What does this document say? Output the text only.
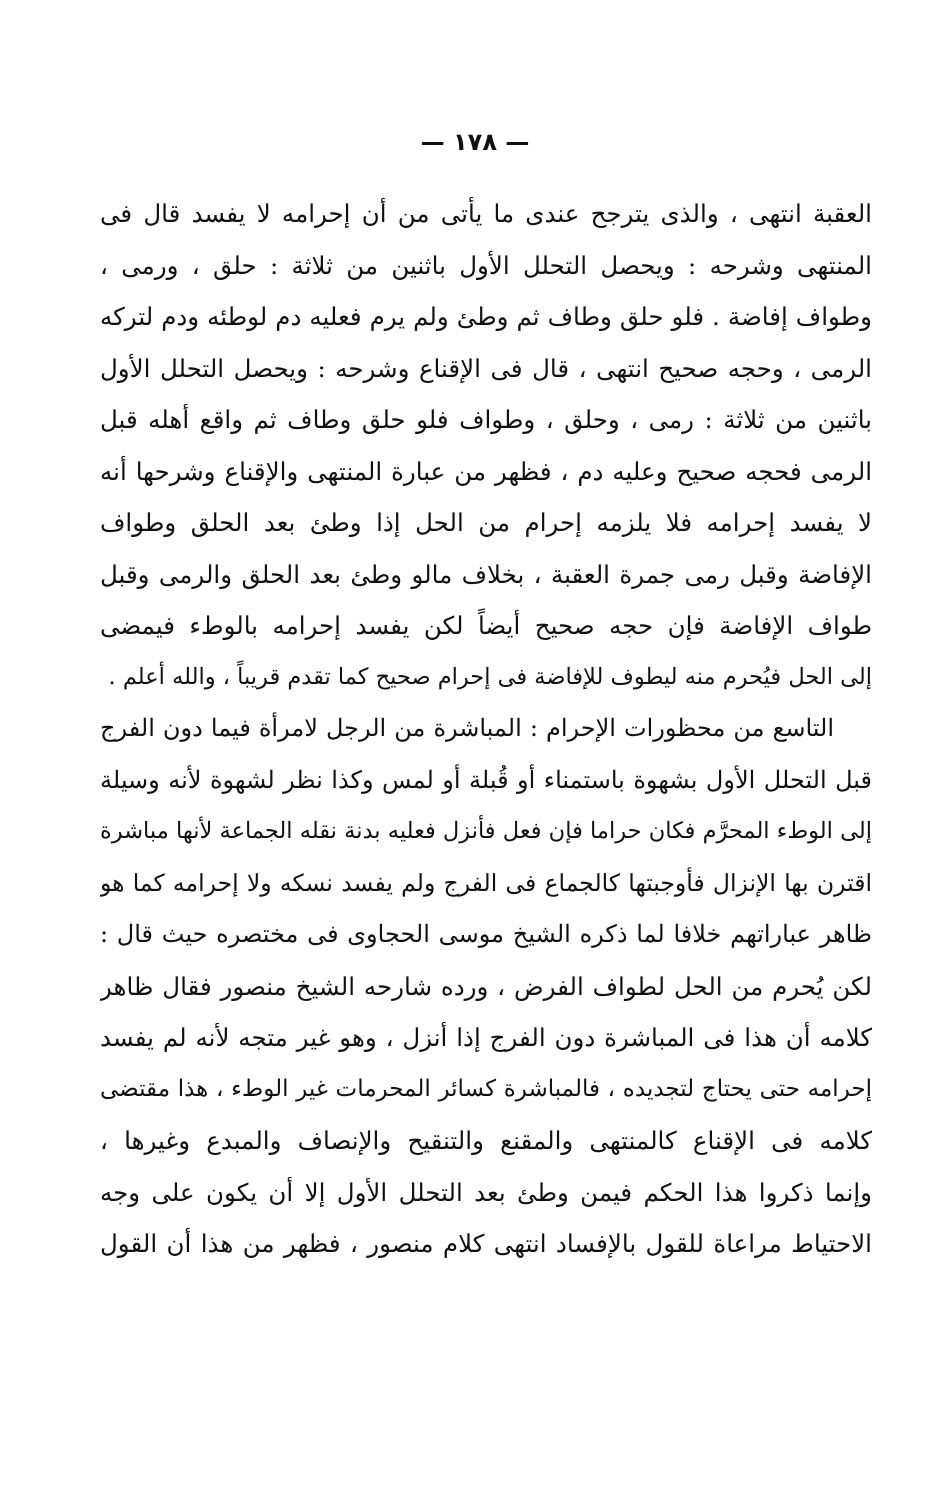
— ١٧٨ —
العقبة انتهى ، والذى يترجح عندى ما يأتى من أن إحرامه لا يفسد قال فى
المنتهى وشرحه : ويحصل التحلل الأول باثنين من ثلاثة : حلق ، ورمى ،
وطواف إفاضة . فلو حلق وطاف ثم وطئ ولم يرم فعليه دم لوطئه ودم لتركه
الرمى ، وحجه صحيح انتهى ، قال فى الإقناع وشرحه : ويحصل التحلل الأول
باثنين من ثلاثة : رمى ، وحلق ، وطواف فلو حلق وطاف ثم واقع أهله قبل
الرمى فحجه صحيح وعليه دم ، فظهر من عبارة المنتهى والإقناع وشرحها أنه
لا يفسد إحرامه فلا يلزمه إحرام من الحل إذا وطئ بعد الحلق وطواف
الإفاضة وقبل رمى جمرة العقبة ، بخلاف مالو وطئ بعد الحلق والرمى وقبل
طواف الإفاضة فإن حجه صحيح أيضاً لكن يفسد إحرامه بالوطء فيمضى
إلى الحل فيُحرم منه ليطوف للإفاضة فى إحرام صحيح كما تقدم قريباً ، والله أعلم .
التاسع من محظورات الإحرام : المباشرة من الرجل لامرأة فيما دون الفرج
قبل التحلل الأول بشهوة باستمناء أو قُبلة أو لمس وكذا نظر لشهوة لأنه وسيلة
إلى الوطء المحرَّم فكان حراما فإن فعل فأنزل فعليه بدنة نقله الجماعة لأنها مباشرة
اقترن بها الإنزال فأوجبتها كالجماع فى الفرج ولم يفسد نسكه ولا إحرامه كما هو
ظاهر عباراتهم خلافا لما ذكره الشيخ موسى الحجاوى فى مختصره حيث قال :
لكن يُحرم من الحل لطواف الفرض ، ورده شارحه الشيخ منصور فقال ظاهر
كلامه أن هذا فى المباشرة دون الفرج إذا أنزل ، وهو غير متجه لأنه لم يفسد
إحرامه حتى يحتاج لتجديده ، فالمباشرة كسائر المحرمات غير الوطء ، هذا مقتضى
كلامه فى الإقناع كالمنتهى والمقنع والتنقيح والإنصاف والمبدع وغيرها ،
وإنما ذكروا هذا الحكم فيمن وطئ بعد التحلل الأول إلا أن يكون على وجه
الاحتياط مراعاة للقول بالإفساد انتهى كلام منصور ، فظهر من هذا أن القول
